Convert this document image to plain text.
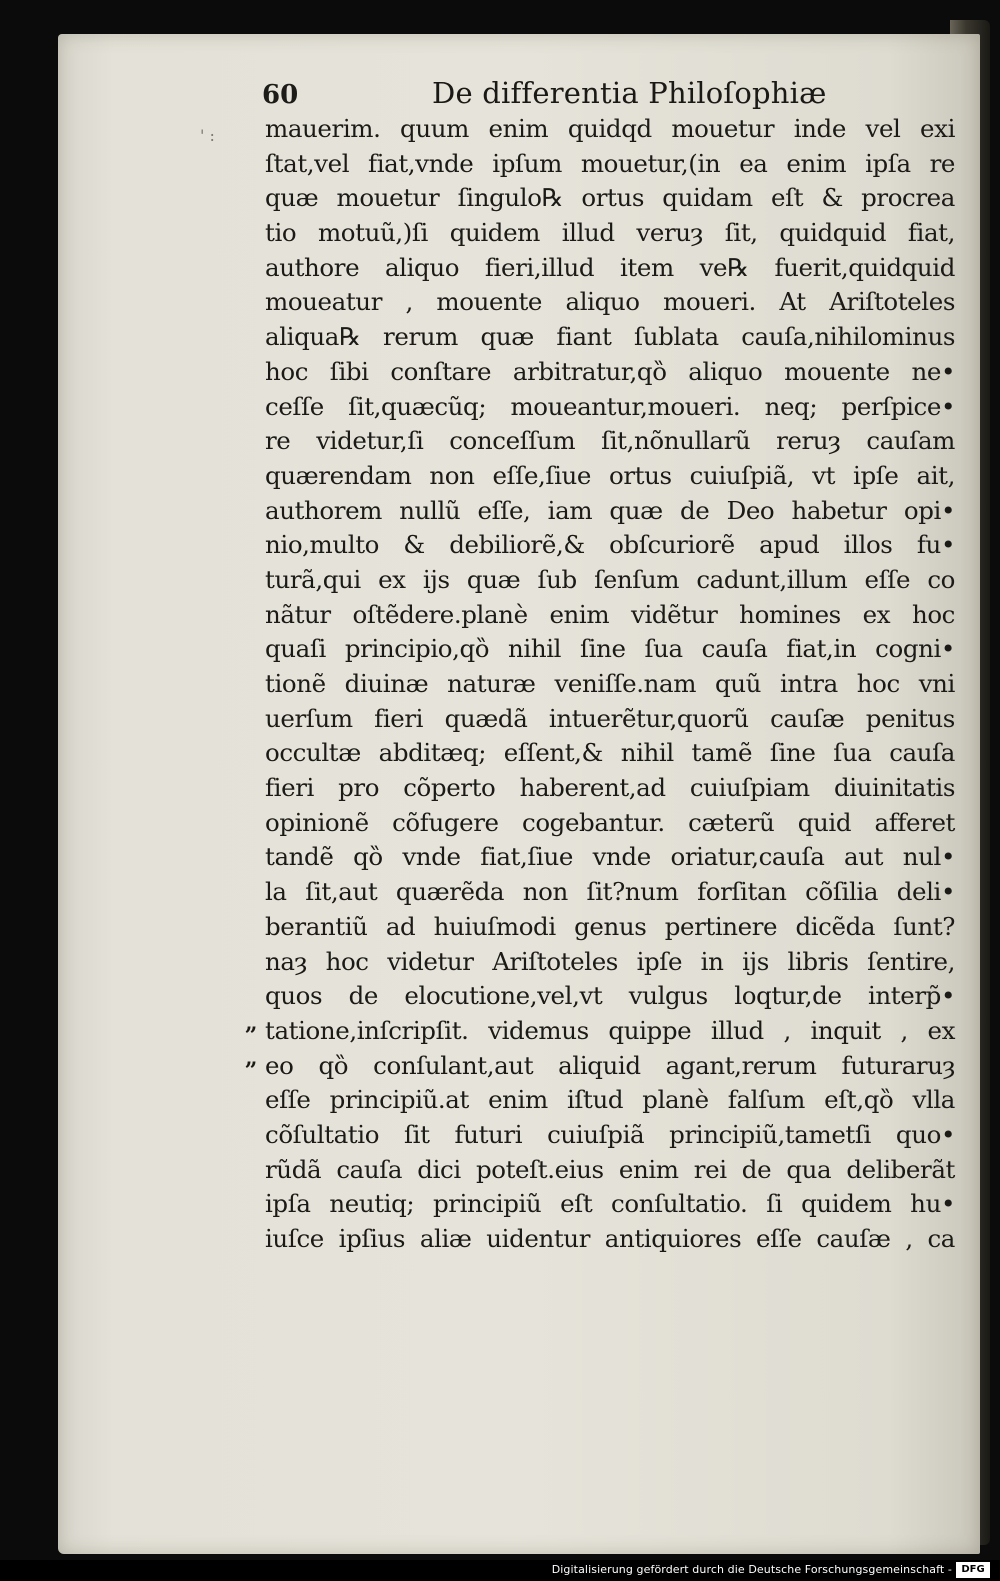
60	De differentia Philoſophiæ
' :
„
„
mauerim. quum enim quidqd mouetur inde vel exi
ſtat,vel fiat,vnde ipſum mouetur,(in ea enim ipſa re
quæ mouetur ſingulo℞ ortus quidam eſt & procrea
tio motuũ,)ſi quidem illud veruȝ ſit, quidquid fiat,
authore aliquo fieri,illud item ve℞ fuerit,quidquid
moueatur , mouente aliquo moueri. At Ariſtoteles
aliqua℞ rerum quæ fiant ſublata cauſa,nihilominus
hoc ſibi conſtare arbitratur,qȍ aliquo mouente ne•
ceſſe ſit,quæcũq; moueantur,moueri. neq; perſpice•
re videtur,ſi conceſſum ſit,nõnullarũ reruȝ cauſam
quærendam non eſſe,ſiue ortus cuiuſpiã, vt ipſe ait,
authorem nullũ eſſe, iam quæ de Deo habetur opi•
nio,multo & debiliorẽ,& obſcuriorẽ apud illos fu•
turã,qui ex ijs quæ ſub ſenſum cadunt,illum eſſe co
nãtur oſtẽdere.planè enim vidẽtur homines ex hoc
quaſi principio,qȍ nihil ſine ſua cauſa fiat,in cogni•
tionẽ diuinæ naturæ veniſſe.nam quũ intra hoc vni
uerſum fieri quædã intuerẽtur,quorũ cauſæ penitus
occultæ abditæq; eſſent,& nihil tamẽ ſine ſua cauſa
fieri pro cõperto haberent,ad cuiuſpiam diuinitatis
opinionẽ cõfugere cogebantur. cæterũ quid afferet
tandẽ qȍ vnde fiat,ſiue vnde oriatur,cauſa aut nul•
la ſit,aut quærẽda non ſit?num forſitan cõſilia deli•
berantiũ ad huiuſmodi genus pertinere dicẽda ſunt?
naȝ hoc videtur Ariſtoteles ipſe in ijs libris ſentire,
quos de elocutione,vel,vt vulgus loqtur,de interp̃•
tatione,inſcripſit. videmus quippe illud , inquit , ex
eo qȍ conſulant,aut aliquid agant,rerum futuraruȝ
eſſe principiũ.at enim iſtud planè falſum eſt,qȍ vlla
cõſultatio ſit futuri cuiuſpiã principiũ,tametſi quo•
rũdã cauſa dici poteſt.eius enim rei de qua deliberãt
ipſa neutiq; principiũ eſt conſultatio. ſi quidem hu•
iuſce ipſius aliæ uidentur antiquiores eſſe cauſæ , ca
Digitalisierung gefördert durch die Deutsche Forschungsgemeinschaft - DFG
